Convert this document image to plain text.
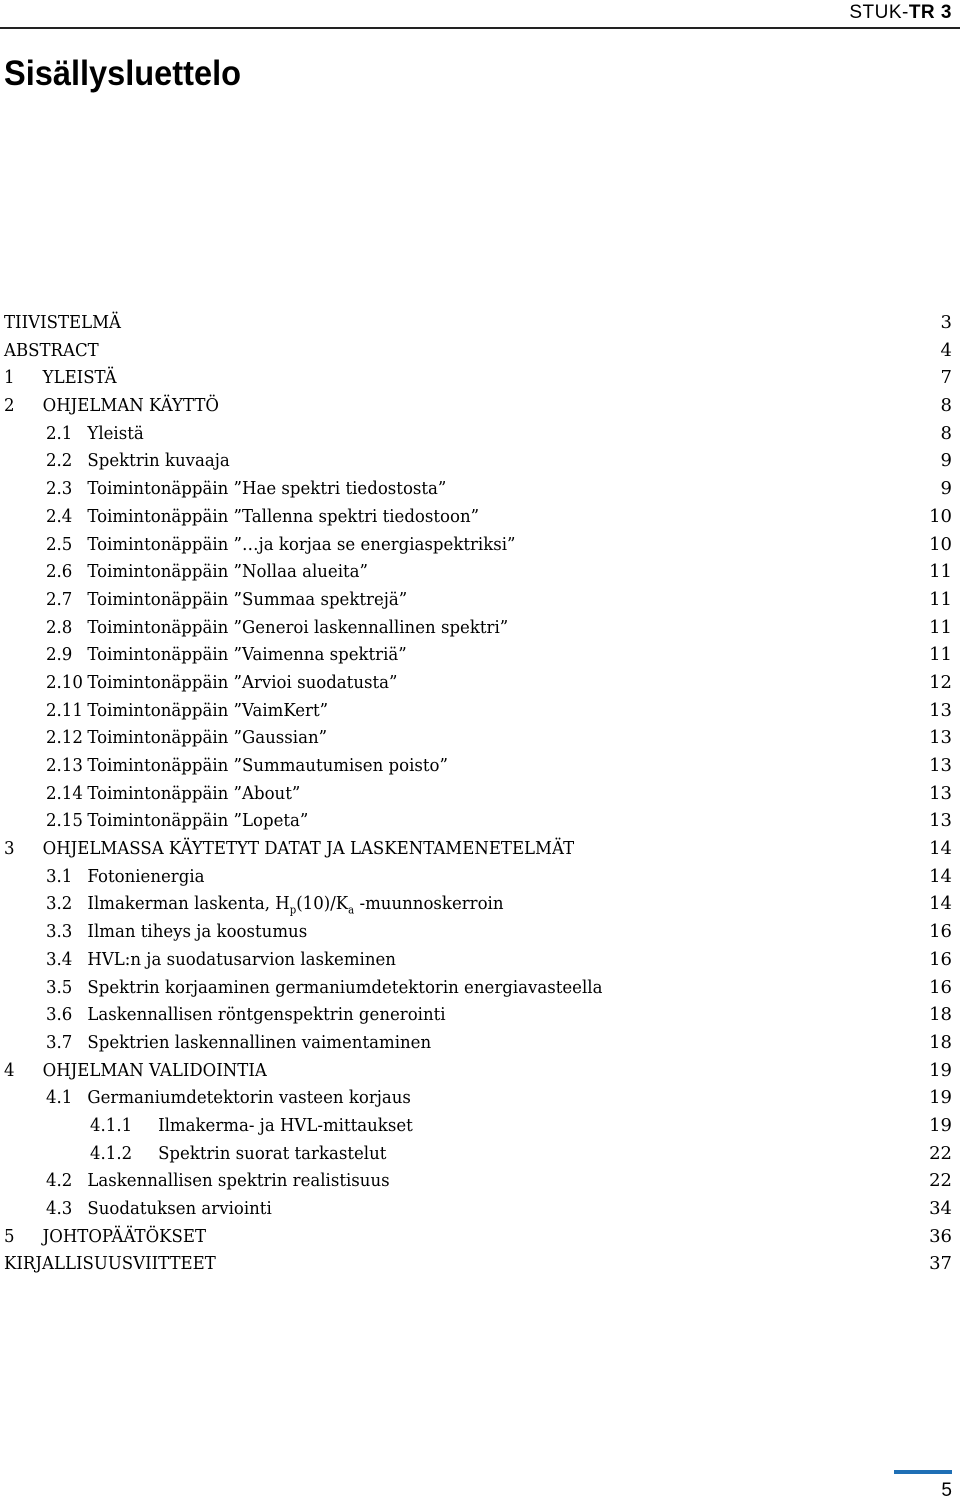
STUK-TR 3
Sisällysluettelo
TIIVISTELMÄ	3
ABSTRACT	4
1 YLEISTÄ	7
2 OHJELMAN KÄYTTÖ	8
2.1 Yleistä	8
2.2 Spektrin kuvaaja	9
2.3 Toimintonäppäin ”Hae spektri tiedostosta”	9
2.4 Toimintonäppäin ”Tallenna spektri tiedostoon”	10
2.5 Toimintonäppäin ”…ja korjaa se energiaspektriksi”	10
2.6 Toimintonäppäin ”Nollaa alueita”	11
2.7 Toimintonäppäin ”Summaa spektrejä”	11
2.8 Toimintonäppäin ”Generoi laskennallinen spektri”	11
2.9 Toimintonäppäin ”Vaimenna spektriä”	11
2.10 Toimintonäppäin ”Arvioi suodatusta”	12
2.11 Toimintonäppäin ”VaimKert”	13
2.12 Toimintonäppäin ”Gaussian”	13
2.13 Toimintonäppäin ”Summautumisen poisto”	13
2.14 Toimintonäppäin ”About”	13
2.15 Toimintonäppäin ”Lopeta”	13
3 OHJELMASSA KÄYTETYT DATAT JA LASKENTAMENETELMÄT	14
3.1 Fotonienergia	14
3.2 Ilmakerman laskenta, $H_p(10)/K_a$ -muunnoskerroin	14
3.3 Ilman tiheys ja koostumus	16
3.4 HVL:n ja suodatusarvion laskeminen	16
3.5 Spektrin korjaaminen germaniumdetektorin energiavasteella	16
3.6 Laskennallisen röntgenspektrin generointi	18
3.7 Spektrien laskennallinen vaimentaminen	18
4 OHJELMAN VALIDOINTIA	19
4.1 Germaniumdetektorin vasteen korjaus	19
4.1.1 Ilmakerma- ja HVL-mittaukset	19
4.1.2 Spektrin suorat tarkastelut	22
4.2 Laskennallisen spektrin realistisuus	22
4.3 Suodatuksen arviointi	34
5 JOHTOPÄÄTÖKSET	36
KIRJALLISUUSVIITTEET	37
5
